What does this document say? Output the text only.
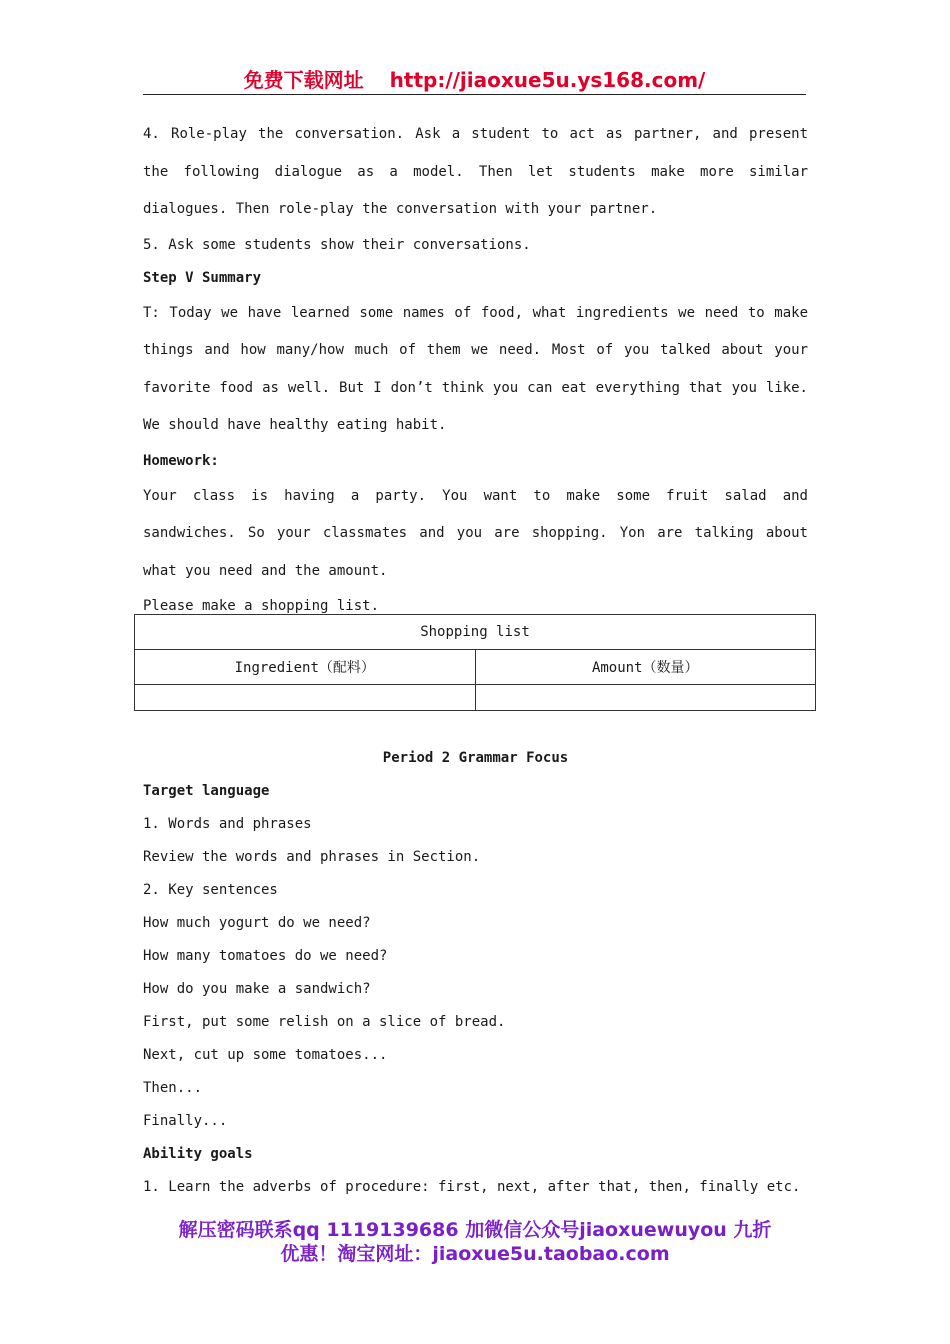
免费下载网址 http://jiaoxue5u.ys168.com/

4. Role-play the conversation. Ask a student to act as partner, and present the following dialogue as a model. Then let students make more similar dialogues. Then role-play the conversation with your partner.

5. Ask some students show their conversations.

Step V Summary

T: Today we have learned some names of food, what ingredients we need to make things and how many/how much of them we need. Most of you talked about your favorite food as well. But I don’t think you can eat everything that you like. We should have healthy eating habit.

Homework:

Your class is having a party. You want to make some fruit salad and sandwiches. So your classmates and you are shopping. Yon are talking about what you need and the amount.

Please make a shopping list.

Shopping list	
Ingredient（配料）	Amount（数量）

Period 2 Grammar Focus

Target language

1. Words and phrases

Review the words and phrases in Section.

2. Key sentences

How much yogurt do we need?

How many tomatoes do we need?

How do you make a sandwich?

First, put some relish on a slice of bread.

Next, cut up some tomatoes...

Then...

Finally...

Ability goals

1. Learn the adverbs of procedure: first, next, after that, then, finally etc.

解压密码联系qq 1119139686 加微信公众号jiaoxuewuyou 九折
优惠！淘宝网址：jiaoxue5u.taobao.com
